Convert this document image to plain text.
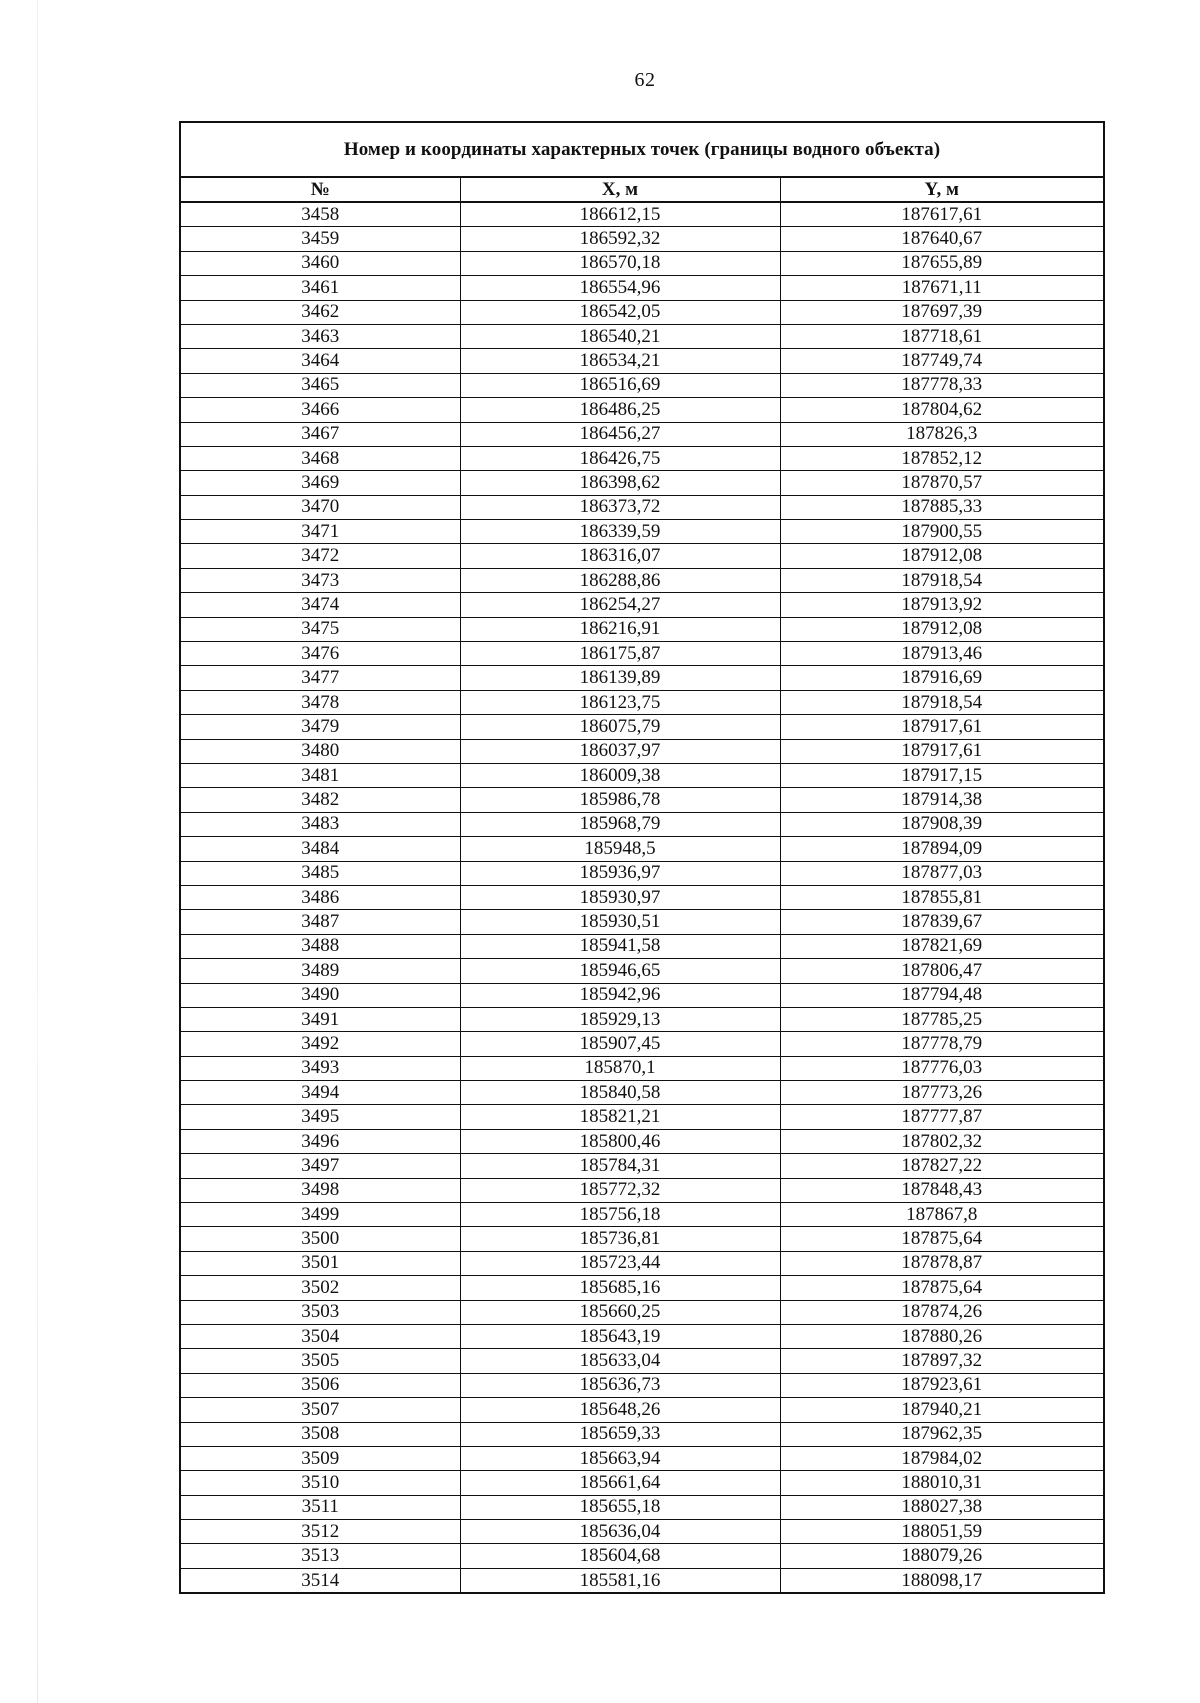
62
Номер и координаты характерных точек (границы водного объекта)		
№	X, м	Y, м
3458	186612,15	187617,61
3459	186592,32	187640,67
3460	186570,18	187655,89
3461	186554,96	187671,11
3462	186542,05	187697,39
3463	186540,21	187718,61
3464	186534,21	187749,74
3465	186516,69	187778,33
3466	186486,25	187804,62
3467	186456,27	187826,3
3468	186426,75	187852,12
3469	186398,62	187870,57
3470	186373,72	187885,33
3471	186339,59	187900,55
3472	186316,07	187912,08
3473	186288,86	187918,54
3474	186254,27	187913,92
3475	186216,91	187912,08
3476	186175,87	187913,46
3477	186139,89	187916,69
3478	186123,75	187918,54
3479	186075,79	187917,61
3480	186037,97	187917,61
3481	186009,38	187917,15
3482	185986,78	187914,38
3483	185968,79	187908,39
3484	185948,5	187894,09
3485	185936,97	187877,03
3486	185930,97	187855,81
3487	185930,51	187839,67
3488	185941,58	187821,69
3489	185946,65	187806,47
3490	185942,96	187794,48
3491	185929,13	187785,25
3492	185907,45	187778,79
3493	185870,1	187776,03
3494	185840,58	187773,26
3495	185821,21	187777,87
3496	185800,46	187802,32
3497	185784,31	187827,22
3498	185772,32	187848,43
3499	185756,18	187867,8
3500	185736,81	187875,64
3501	185723,44	187878,87
3502	185685,16	187875,64
3503	185660,25	187874,26
3504	185643,19	187880,26
3505	185633,04	187897,32
3506	185636,73	187923,61
3507	185648,26	187940,21
3508	185659,33	187962,35
3509	185663,94	187984,02
3510	185661,64	188010,31
3511	185655,18	188027,38
3512	185636,04	188051,59
3513	185604,68	188079,26
3514	185581,16	188098,17
